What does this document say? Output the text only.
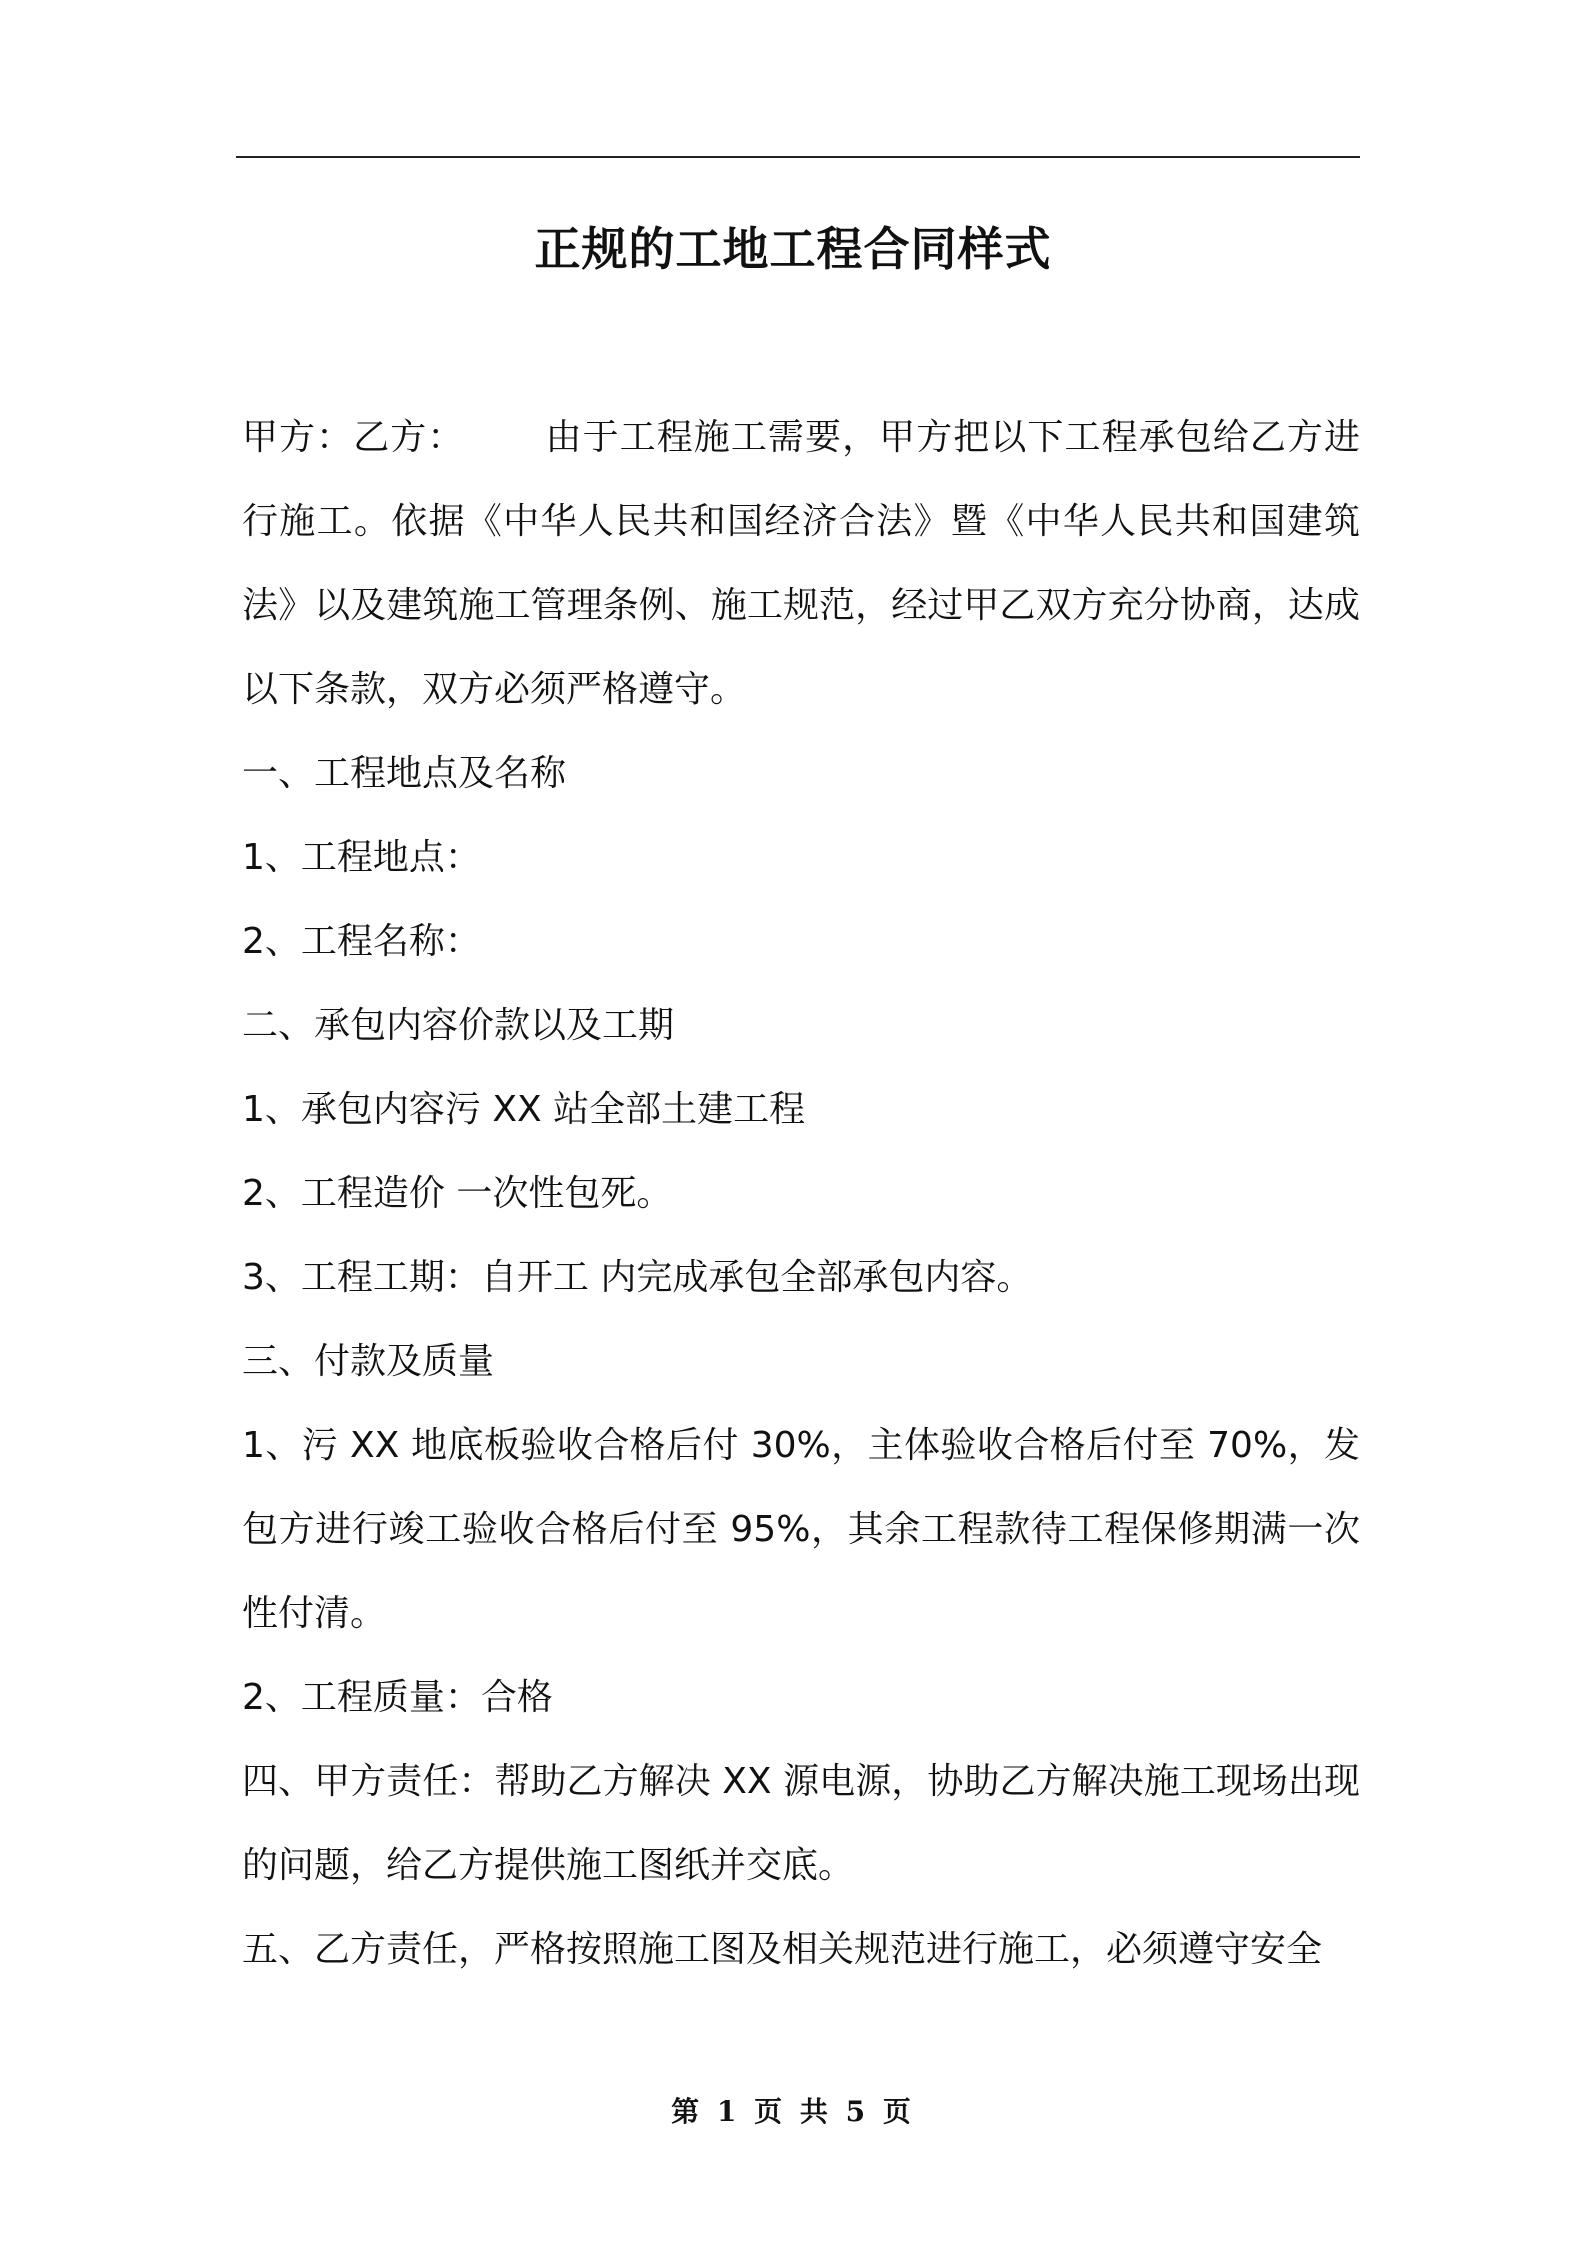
正规的工地工程合同样式

甲方：乙方： 由于工程施工需要，甲方把以下工程承包给乙方进行施工。依据《中华人民共和国经济合法》暨《中华人民共和国建筑法》以及建筑施工管理条例、施工规范，经过甲乙双方充分协商，达成以下条款，双方必须严格遵守。

一、工程地点及名称

1、工程地点：

2、工程名称：

二、承包内容价款以及工期

1、承包内容污 XX 站全部土建工程

2、工程造价 一次性包死。

3、工程工期：自开工 内完成承包全部承包内容。

三、付款及质量

1、污 XX 地底板验收合格后付 30%，主体验收合格后付至 70%，发包方进行竣工验收合格后付至 95%，其余工程款待工程保修期满一次性付清。

2、工程质量：合格

四、甲方责任：帮助乙方解决 XX 源电源，协助乙方解决施工现场出现的问题，给乙方提供施工图纸并交底。

五、乙方责任，严格按照施工图及相关规范进行施工，必须遵守安全

第 1 页 共 5 页
